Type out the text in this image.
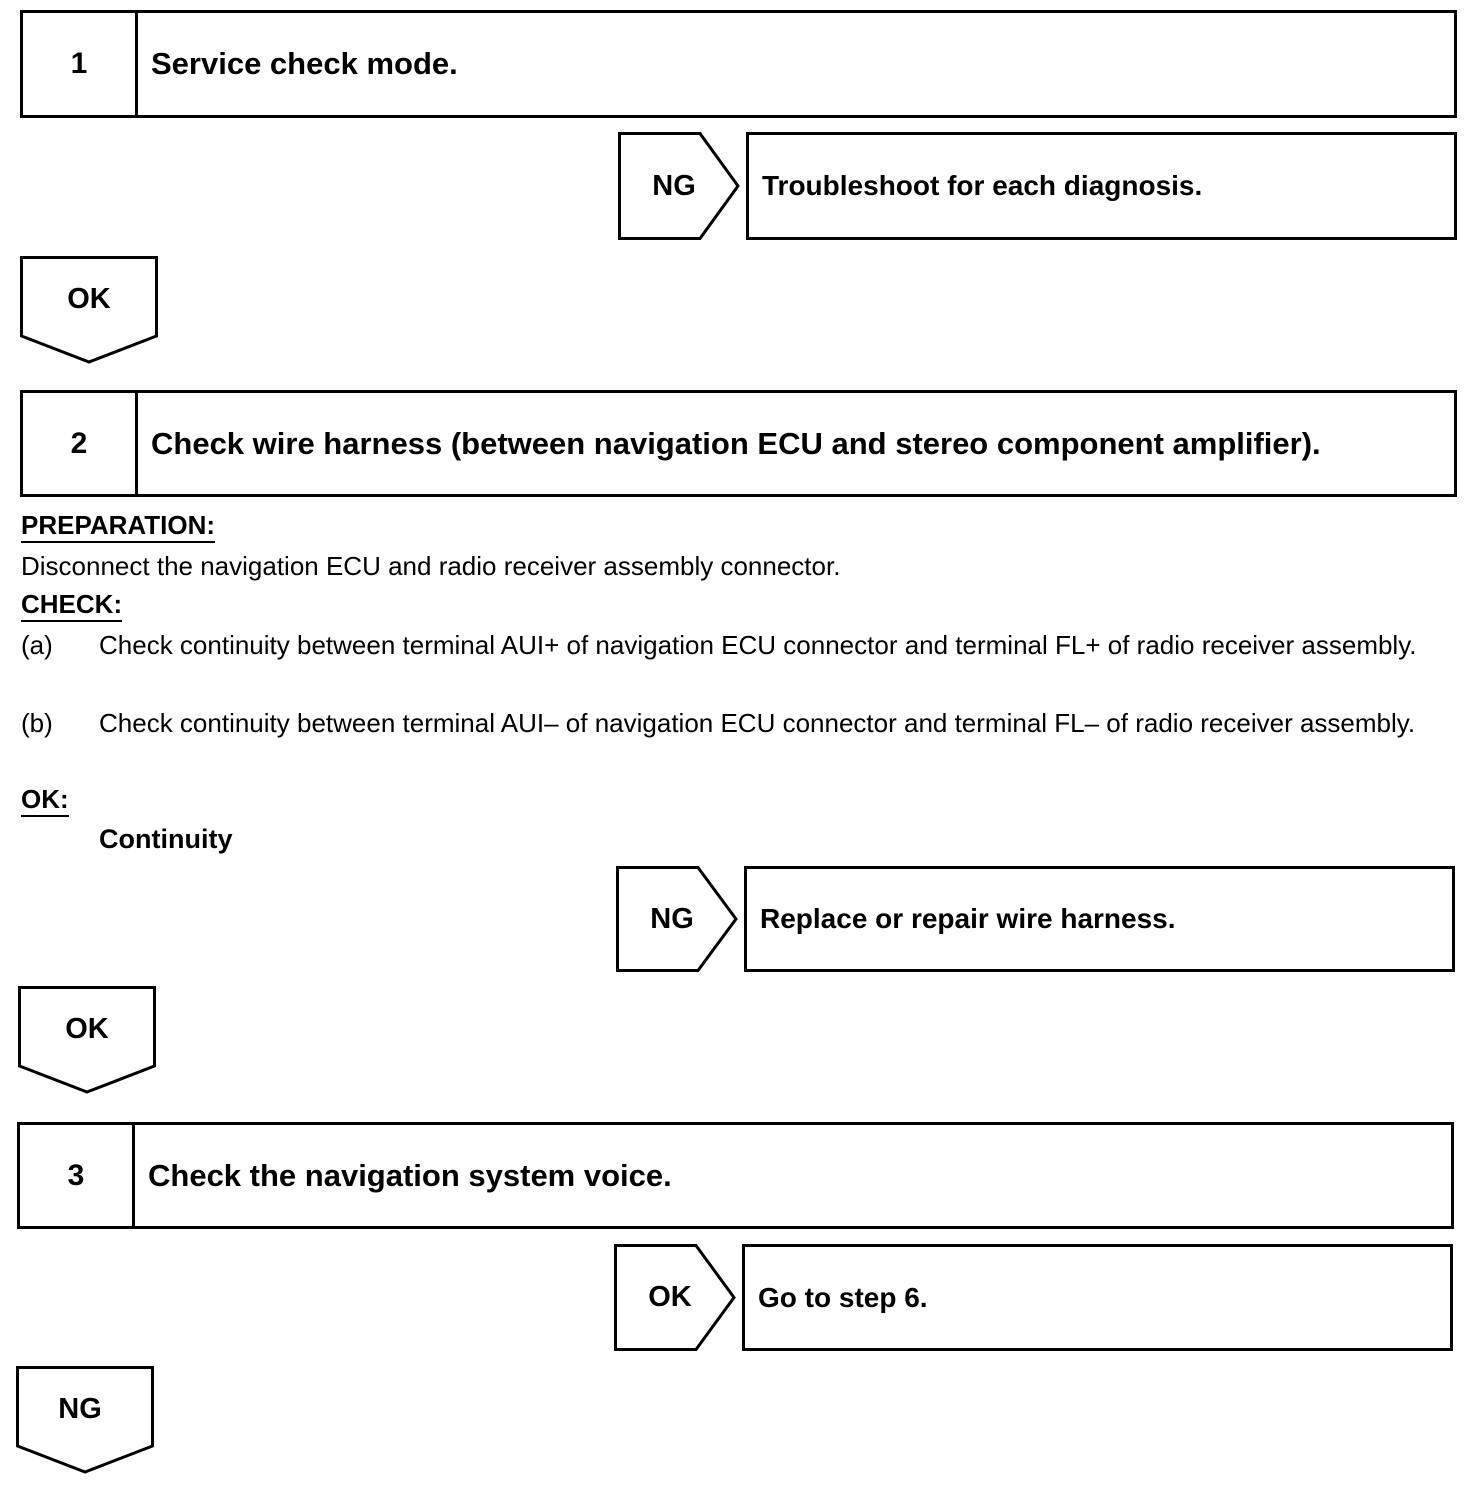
1	Service check mode.
NG	Troubleshoot for each diagnosis.
OK
2	Check wire harness (between navigation ECU and stereo component amplifier).
PREPARATION:
Disconnect the navigation ECU and radio receiver assembly connector.
CHECK:
(a) Check continuity between terminal AUI+ of navigation ECU connector and terminal FL+ of radio receiver assembly.
(b) Check continuity between terminal AUI– of navigation ECU connector and terminal FL– of radio receiver assembly.
OK:
Continuity
NG	Replace or repair wire harness.
OK
3	Check the navigation system voice.
OK	Go to step 6.
NG
